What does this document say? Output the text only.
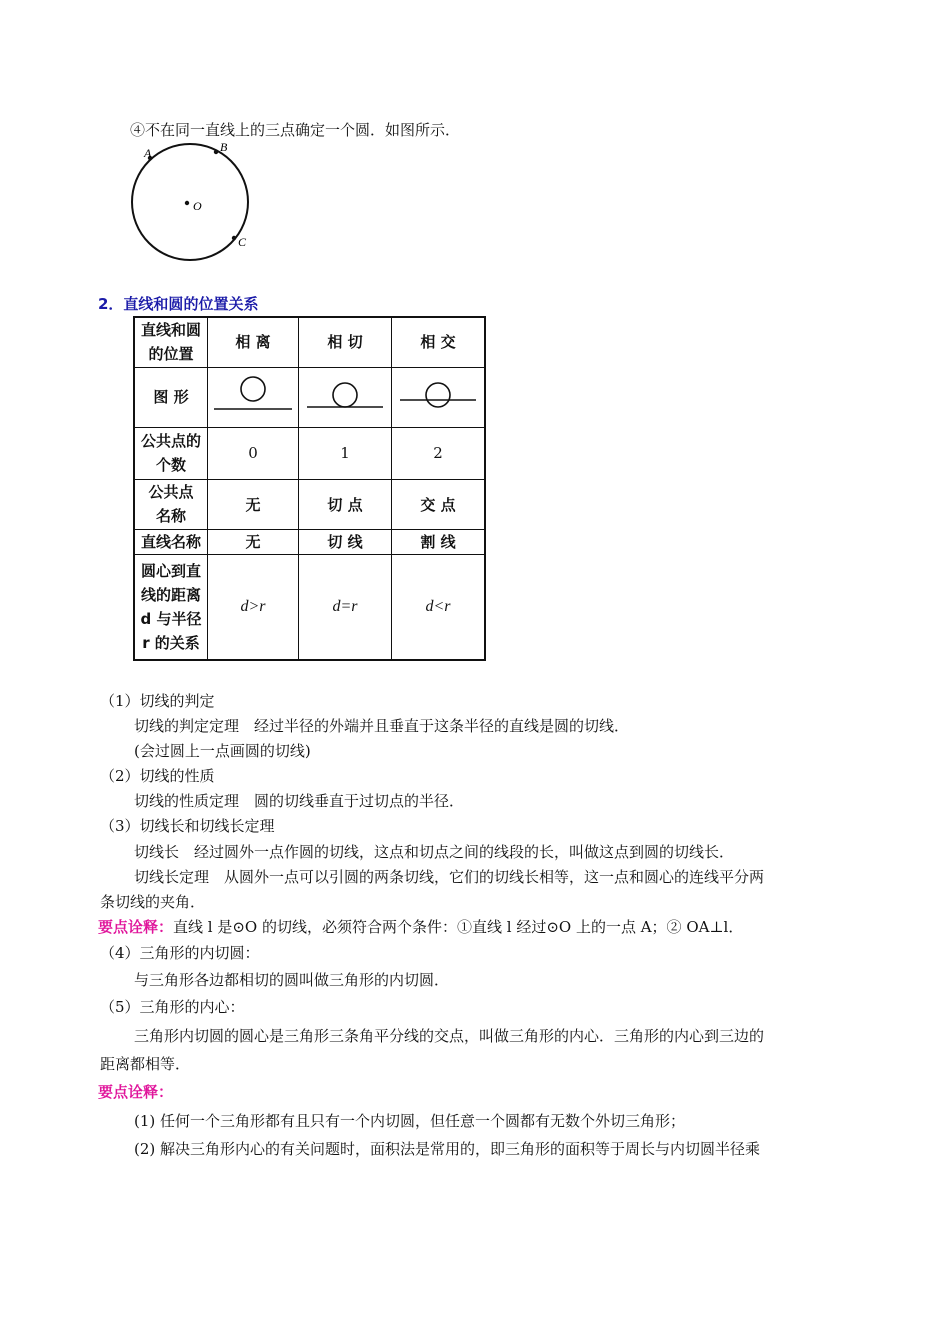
④不在同一直线上的三点确定一个圆．如图所示．
A	B
O
C
2．直线和圆的位置关系
直线和圆
的位置	相 离	相 切	相 交
图 形			

公共点的
个数	0	1	2

公共点
名称	无	切 点	交 点
直线名称	无	切 线	割 线

圆心到直
线的距离
d 与半径
r 的关系	d>r	d=r	d<r
（1）切线的判定
切线的判定定理　经过半径的外端并且垂直于这条半径的直线是圆的切线．
(会过圆上一点画圆的切线)
（2）切线的性质
切线的性质定理　圆的切线垂直于过切点的半径．
（3）切线长和切线长定理
切线长　经过圆外一点作圆的切线，这点和切点之间的线段的长，叫做这点到圆的切线长．
切线长定理　从圆外一点可以引圆的两条切线，它们的切线长相等，这一点和圆心的连线平分两
条切线的夹角．
要点诠释：直线 l 是⊙O 的切线，必须符合两个条件：①直线 l 经过⊙O 上的一点 A；② OA⊥l．
（4）三角形的内切圆：
与三角形各边都相切的圆叫做三角形的内切圆．
（5）三角形的内心：
三角形内切圆的圆心是三角形三条角平分线的交点，叫做三角形的内心．三角形的内心到三边的
距离都相等．
要点诠释：
(1) 任何一个三角形都有且只有一个内切圆，但任意一个圆都有无数个外切三角形；
(2) 解决三角形内心的有关问题时，面积法是常用的，即三角形的面积等于周长与内切圆半径乘
